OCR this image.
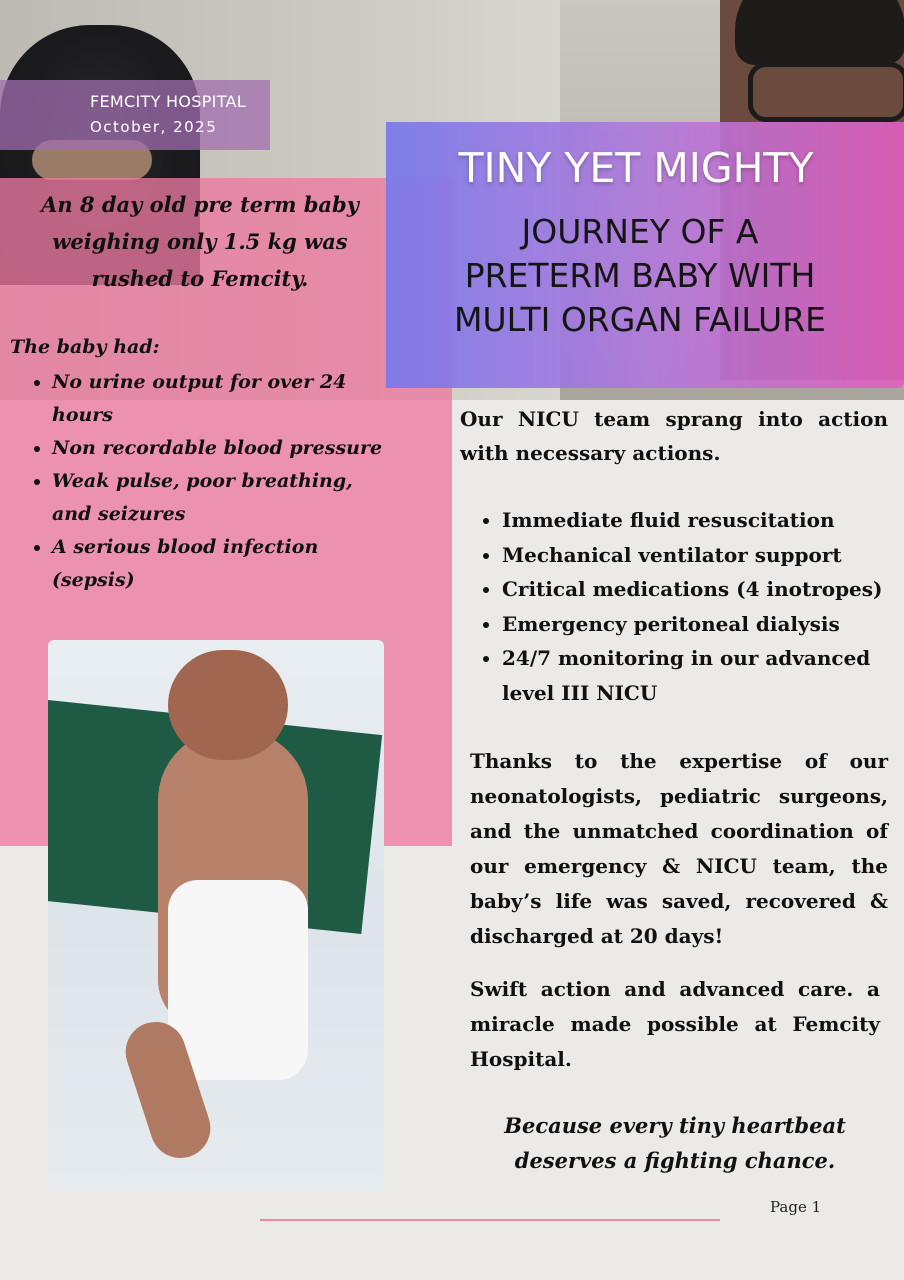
FEMCITY HOSPITAL
October, 2025
TINY YET MIGHTY
JOURNEY OF A
PRETERM BABY WITH
MULTI ORGAN FAILURE
An 8 day old pre term baby weighing only 1.5 kg was rushed to Femcity.
The baby had:
• No urine output for over 24 hours
• Non recordable blood pressure
• Weak pulse, poor breathing, and seizures
• A serious blood infection (sepsis)
Our NICU team sprang into action with necessary actions.
• Immediate fluid resuscitation
• Mechanical ventilator support
• Critical medications (4 inotropes)
• Emergency peritoneal dialysis
• 24/7 monitoring in our advanced level III NICU
Thanks to the expertise of our neonatologists, pediatric surgeons, and the unmatched coordination of our emergency & NICU team, the baby’s life was saved, recovered & discharged at 20 days!
Swift action and advanced care. a miracle made possible at Femcity Hospital.
Because every tiny heartbeat
deserves a fighting chance.
Page 1
